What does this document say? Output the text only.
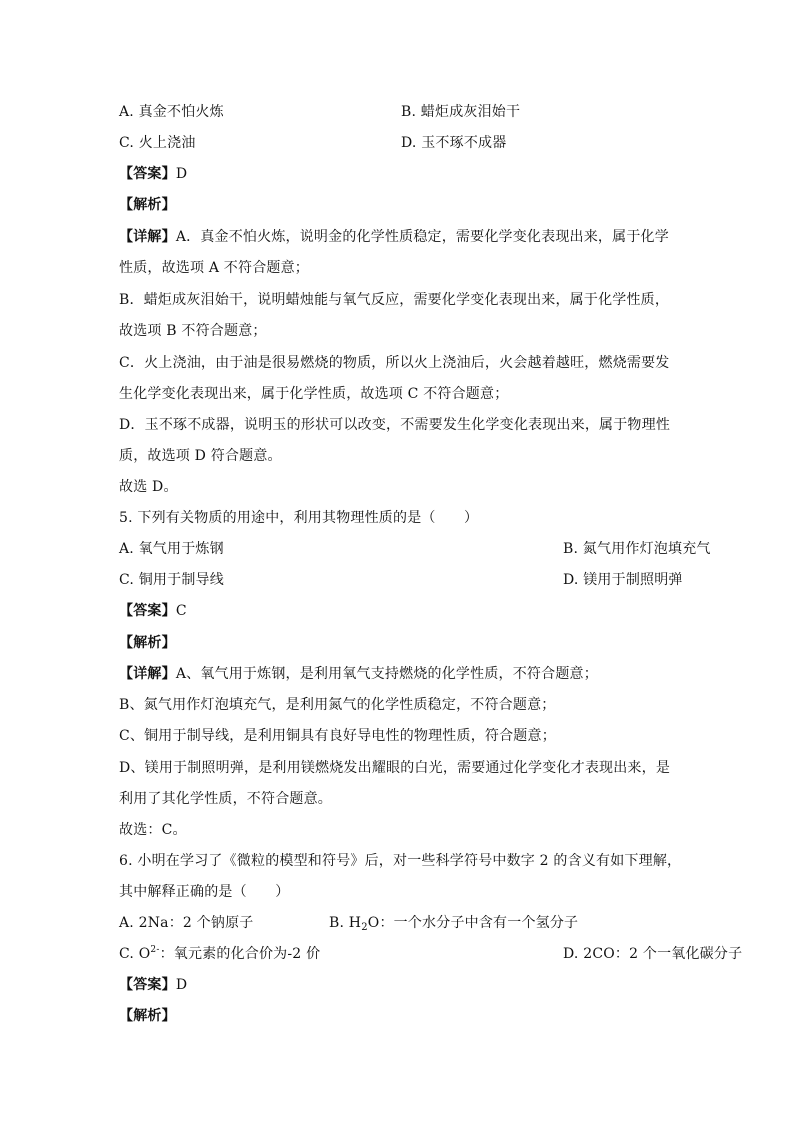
A. 真金不怕火炼	B. 蜡炬成灰泪始干
C. 火上浇油	D. 玉不琢不成器
【答案】D
【解析】
【详解】A．真金不怕火炼，说明金的化学性质稳定，需要化学变化表现出来，属于化学
性质，故选项 A 不符合题意；
B．蜡炬成灰泪始干，说明蜡烛能与氧气反应，需要化学变化表现出来，属于化学性质，
故选项 B 不符合题意；
C．火上浇油，由于油是很易燃烧的物质，所以火上浇油后，火会越着越旺，燃烧需要发
生化学变化表现出来，属于化学性质，故选项 C 不符合题意；
D．玉不琢不成器，说明玉的形状可以改变，不需要发生化学变化表现出来，属于物理性
质，故选项 D 符合题意。
故选 D。
5. 下列有关物质的用途中，利用其物理性质的是（　　）
A. 氧气用于炼钢	B. 氮气用作灯泡填充气
C. 铜用于制导线	D. 镁用于制照明弹
【答案】C
【解析】
【详解】A、氧气用于炼钢，是利用氧气支持燃烧的化学性质，不符合题意；
B、氮气用作灯泡填充气，是利用氮气的化学性质稳定，不符合题意；
C、铜用于制导线，是利用铜具有良好导电性的物理性质，符合题意；
D、镁用于制照明弹，是利用镁燃烧发出耀眼的白光，需要通过化学变化才表现出来，是
利用了其化学性质，不符合题意。
故选：C。
6. 小明在学习了《微粒的模型和符号》后，对一些科学符号中数字 2 的含义有如下理解，
其中解释正确的是（　　）
A. 2Na：2 个钠原子	B. $H_2O$：一个水分子中含有一个氢分子
C. $O^{2-}$：氧元素的化合价为-2 价	D. 2CO：2 个一氧化碳分子
【答案】D
【解析】
